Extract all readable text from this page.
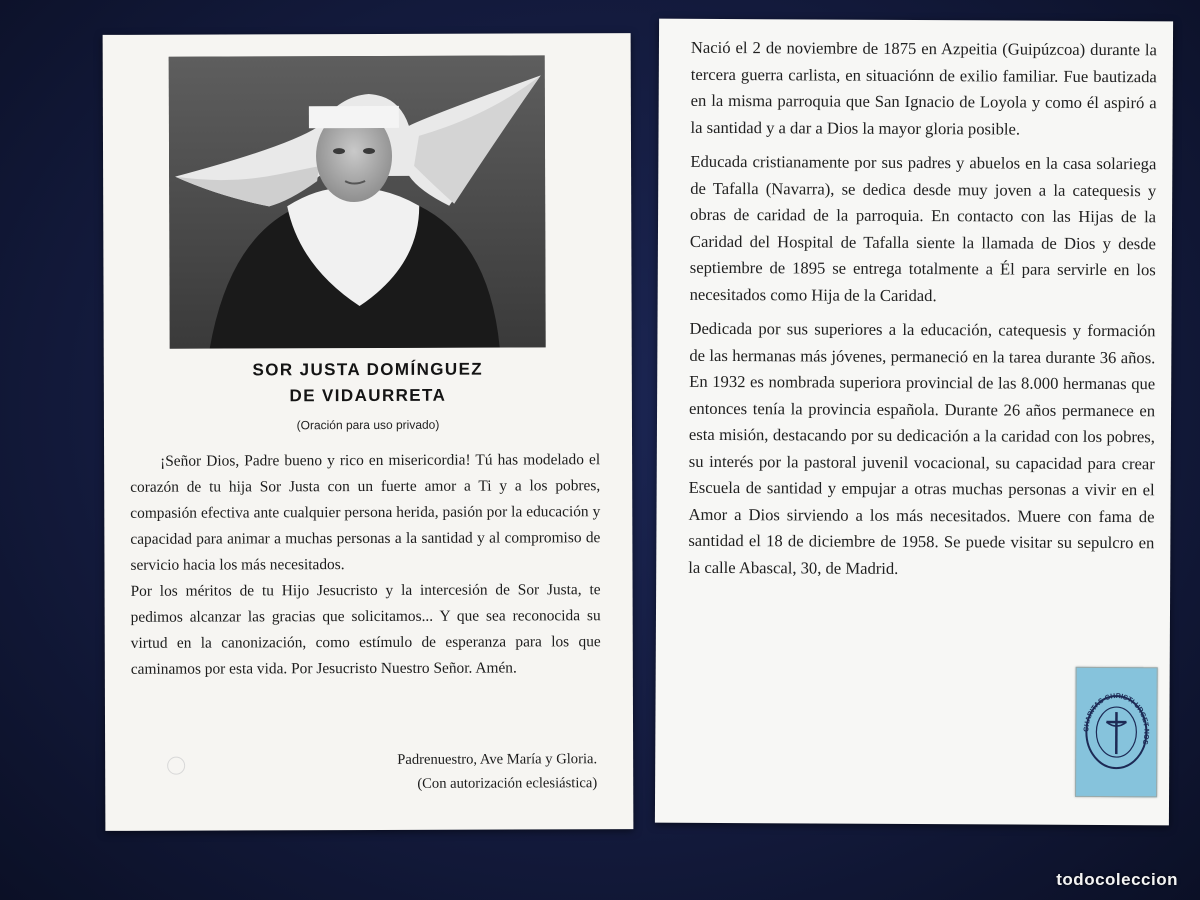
SOR JUSTA DOMÍNGUEZ
DE VIDAURRETA
(Oración para uso privado)

¡Señor Dios, Padre bueno y rico en misericordia! Tú has modelado el corazón de tu hija Sor Justa con un fuerte amor a Ti y a los pobres, compasión efectiva ante cualquier persona herida, pasión por la educación y capacidad para animar a muchas personas a la santidad y al compromiso de servicio hacia los más necesitados.

Por los méritos de tu Hijo Jesucristo y la intercesión de Sor Justa, te pedimos alcanzar las gracias que solicitamos... Y que sea reconocida su virtud en la canonización, como estímulo de esperanza para los que caminamos por esta vida. Por Jesucristo Nuestro Señor. Amén.

Padrenuestro, Ave María y Gloria.
(Con autorización eclesiástica)

Nació el 2 de noviembre de 1875 en Azpeitia (Guipúzcoa) durante la tercera guerra carlista, en situaciónn de exilio familiar. Fue bautizada en la misma parroquia que San Ignacio de Loyola y como él aspiró a la santidad y a dar a Dios la mayor gloria posible.

Educada cristianamente por sus padres y abuelos en la casa solariega de Tafalla (Navarra), se dedica desde muy joven a la catequesis y obras de caridad de la parroquia. En contacto con las Hijas de la Caridad del Hospital de Tafalla siente la llamada de Dios y desde septiembre de 1895 se entrega totalmente a Él para servirle en los necesitados como Hija de la Caridad.

Dedicada por sus superiores a la educación, catequesis y formación de las hermanas más jóvenes, permaneció en la tarea durante 36 años. En 1932 es nombrada superiora provincial de las 8.000 hermanas que entonces tenía la provincia española. Durante 26 años permanece en esta misión, destacando por su dedicación a la caridad con los pobres, su interés por la pastoral juvenil vocacional, su capacidad para crear Escuela de santidad y empujar a otras muchas personas a vivir en el Amor a Dios sirviendo a los más necesitados. Muere con fama de santidad el 18 de diciembre de 1958. Se puede visitar su sepulcro en la calle Abascal, 30, de Madrid.

CHARITAS CHRISTI URGET NOS
todocoleccion
